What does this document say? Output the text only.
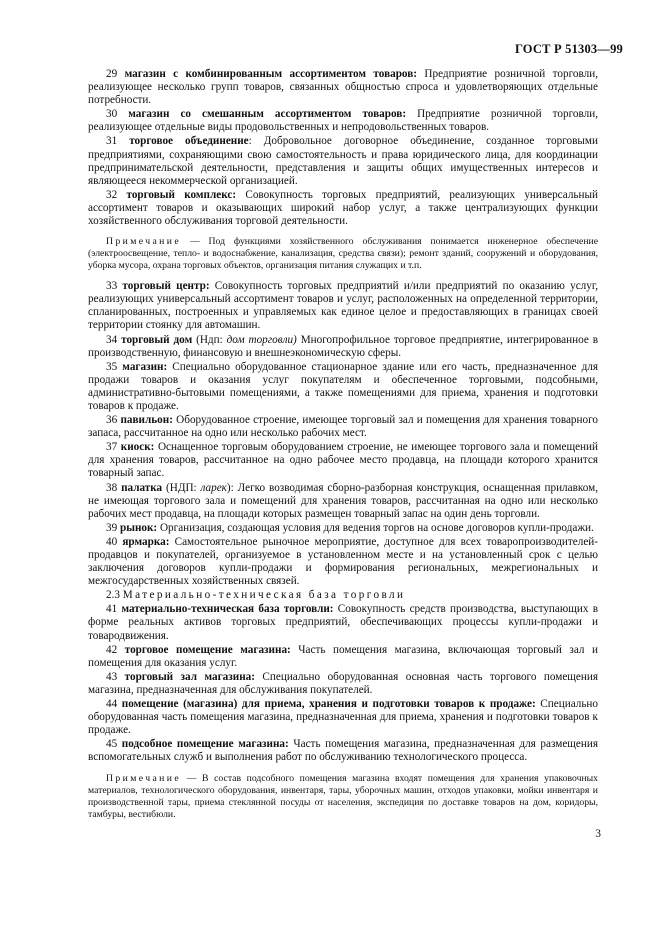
ГОСТ Р 51303—99

29 магазин с комбинированным ассортиментом товаров: Предприятие розничной торговли, реализующее несколько групп товаров, связанных общностью спроса и удовлетворяющих отдельные потребности.

30 магазин со смешанным ассортиментом товаров: Предприятие розничной торговли, реализующее отдельные виды продовольственных и непродовольственных товаров.

31 торговое объединение: Добровольное договорное объединение, созданное торговыми предприятиями, сохраняющими свою самостоятельность и права юридического лица, для координации предпринимательской деятельности, представления и защиты общих имущественных интересов и являющееся некоммерческой организацией.

32 торговый комплекс: Совокупность торговых предприятий, реализующих универсальный ассортимент товаров и оказывающих широкий набор услуг, а также централизующих функции хозяйственного обслуживания торговой деятельности.

Примечание — Под функциями хозяйственного обслуживания понимается инженерное обеспечение (электроосвещение, тепло- и водоснабжение, канализация, средства связи); ремонт зданий, сооружений и оборудования, уборка мусора, охрана торговых объектов, организация питания служащих и т.п.

33 торговый центр: Совокупность торговых предприятий и/или предприятий по оказанию услуг, реализующих универсальный ассортимент товаров и услуг, расположенных на определенной территории, спланированных, построенных и управляемых как единое целое и предоставляющих в границах своей территории стоянку для автомашин.

34 торговый дом (Ндп: дом торговли) Многопрофильное торговое предприятие, интегрированное в производственную, финансовую и внешнеэкономическую сферы.

35 магазин: Специально оборудованное стационарное здание или его часть, предназначенное для продажи товаров и оказания услуг покупателям и обеспеченное торговыми, подсобными, административно-бытовыми помещениями, а также помещениями для приема, хранения и подготовки товаров к продаже.

36 павильон: Оборудованное строение, имеющее торговый зал и помещения для хранения товарного запаса, рассчитанное на одно или несколько рабочих мест.

37 киоск: Оснащенное торговым оборудованием строение, не имеющее торгового зала и помещений для хранения товаров, рассчитанное на одно рабочее место продавца, на площади которого хранится товарный запас.

38 палатка (НДП: ларек): Легко возводимая сборно-разборная конструкция, оснащенная прилавком, не имеющая торгового зала и помещений для хранения товаров, рассчитанная на одно или несколько рабочих мест продавца, на площади которых размещен товарный запас на один день торговли.

39 рынок: Организация, создающая условия для ведения торгов на основе договоров купли-продажи.

40 ярмарка: Самостоятельное рыночное мероприятие, доступное для всех товаропроизводителей-продавцов и покупателей, организуемое в установленном месте и на установленный срок с целью заключения договоров купли-продажи и формирования региональных, межрегиональных и межгосударственных хозяйственных связей.

2.3 Материально-техническая база торговли

41 материально-техническая база торговли: Совокупность средств производства, выступающих в форме реальных активов торговых предприятий, обеспечивающих процессы купли-продажи и товародвижения.

42 торговое помещение магазина: Часть помещения магазина, включающая торговый зал и помещения для оказания услуг.

43 торговый зал магазина: Специально оборудованная основная часть торгового помещения магазина, предназначенная для обслуживания покупателей.

44 помещение (магазина) для приема, хранения и подготовки товаров к продаже: Специально оборудованная часть помещения магазина, предназначенная для приема, хранения и подготовки товаров к продаже.

45 подсобное помещение магазина: Часть помещения магазина, предназначенная для размещения вспомогательных служб и выполнения работ по обслуживанию технологического процесса.

Примечание — В состав подсобного помещения магазина входят помещения для хранения упаковочных материалов, технологического оборудования, инвентаря, тары, уборочных машин, отходов упаковки, мойки инвентаря и производственной тары, приема стеклянной посуды от населения, экспедиция по доставке товаров на дом, коридоры, тамбуры, вестибюли.

3
